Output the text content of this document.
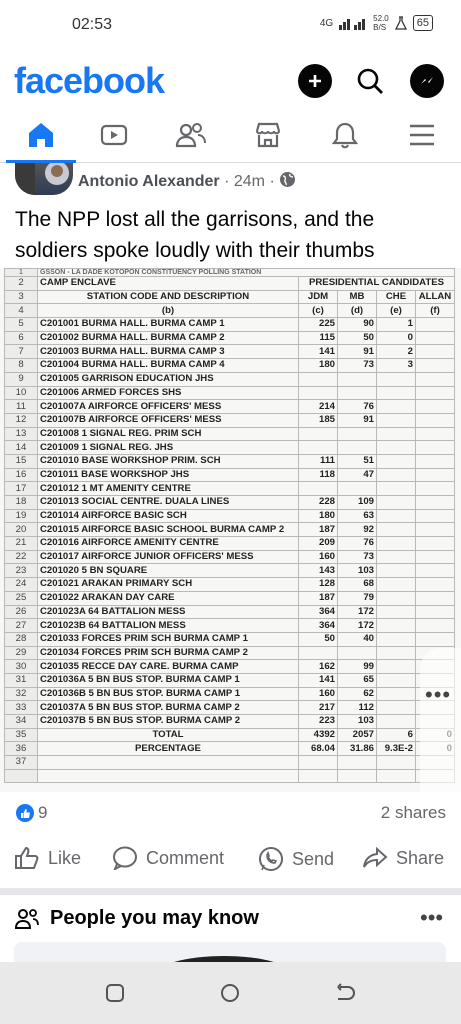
02:53	4G	52.0
B/S	65
facebook
Antonio Alexander · 24m ·
The NPP lost all the garrisons, and the soldiers spoke loudly with their thumbs
1	GSSON - LA DADE KOTOPON CONSTITUENCY POLLING STATION				
2	CAMP ENCLAVE	PRESIDENTIAL CANDIDATES			
3	STATION CODE AND DESCRIPTION	JDM	MB	CHE	ALLAN
4	(b)	(c)	(d)	(e)	(f)
5	C201001 BURMA HALL. BURMA CAMP 1	225	90	1	
6	C201002 BURMA HALL. BURMA CAMP 2	115	50	0	
7	C201003 BURMA HALL. BURMA CAMP 3	141	91	2	
8	C201004 BURMA HALL. BURMA CAMP 4	180	73	3	
9	C201005 GARRISON EDUCATION JHS				
10	C201006 ARMED FORCES SHS				
11	C201007A AIRFORCE OFFICERS' MESS	214	76		
12	C201007B AIRFORCE OFFICERS' MESS	185	91		
13	C201008 1 SIGNAL REG. PRIM SCH				
14	C201009 1 SIGNAL REG. JHS				
15	C201010 BASE WORKSHOP PRIM. SCH	111	51		
16	C201011 BASE WORKSHOP JHS	118	47		
17	C201012 1 MT AMENITY CENTRE				
18	C201013 SOCIAL CENTRE. DUALA LINES	228	109		
19	C201014 AIRFORCE BASIC SCH	180	63		
20	C201015 AIRFORCE BASIC SCHOOL BURMA CAMP 2	187	92		
21	C201016 AIRFORCE AMENITY CENTRE	209	76		
22	C201017 AIRFORCE JUNIOR OFFICERS' MESS	160	73		
23	C201020 5 BN SQUARE	143	103		
24	C201021 ARAKAN PRIMARY SCH	128	68		
25	C201022 ARAKAN DAY CARE	187	79		
26	C201023A 64 BATTALION MESS	364	172		
27	C201023B 64 BATTALION MESS	364	172		
28	C201033 FORCES PRIM SCH BURMA CAMP 1	50	40		
29	C201034 FORCES PRIM SCH BURMA CAMP 2				
30	C201035 RECCE DAY CARE. BURMA CAMP	162	99		
31	C201036A 5 BN BUS STOP. BURMA CAMP 1	141	65		
32	C201036B 5 BN BUS STOP. BURMA CAMP 1	160	62		
33	C201037A 5 BN BUS STOP. BURMA CAMP 2	217	112		
34	C201037B 5 BN BUS STOP. BURMA CAMP 2	223	103		
35	TOTAL	4392	2057	6	
36	PERCENTAGE	68.04	31.86	9.3E-2	
37					

•••
9	2 shares
Like	Comment	Send	Share
People you may know	•••
